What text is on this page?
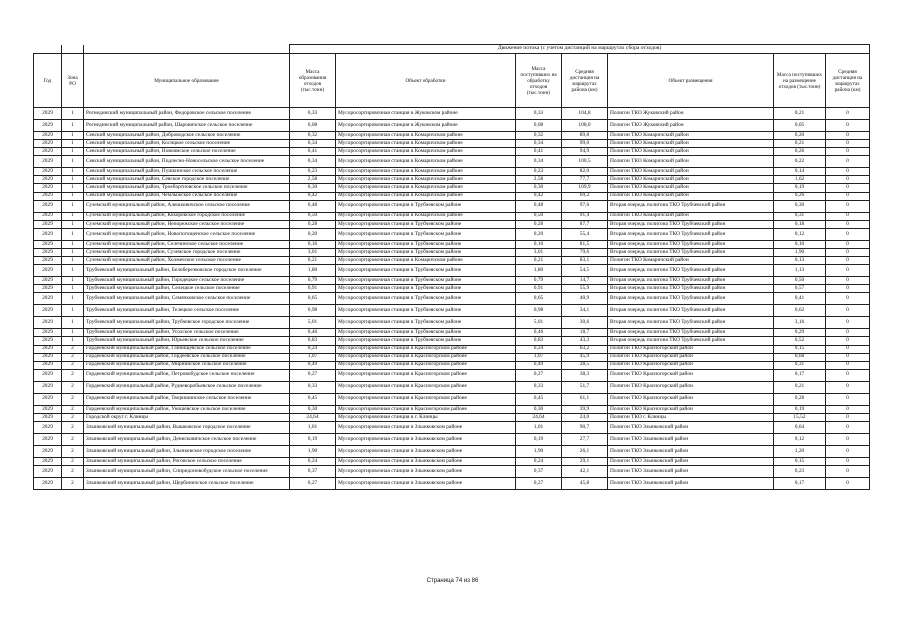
			Движение потока (с учетом дистанций на маршрутах сбора отходов)						
Год	Зона РО	Муниципальное образование	Масса образования отходов (тыс.тонн)	Объект обработки	Масса поступивших на обработку отходов (тыс.тонн)	Средняя дистанция на маршрутах района (км)	Объект размещения	Масса поступивших на размещение отходов (тыс.тонн)	Средняя дистанция на маршрутах района (км)
2029	1	Рогнединский муниципальный район, Федоровское сельское поселение	0,33	Мусоросортировочная станция в Жуковском районе	0,33	104,8	Полигон ТКО Жуковский район	0,21	0
2029	1	Рогнединский муниципальный район, Шаровичское сельское поселение	0,08	Мусоросортировочная станция в Жуковском районе	0,08	108,0	Полигон ТКО Жуковский район	0,05	0
2029	1	Севский муниципальный район, Доброводское сельское поселение	0,32	Мусоросортировочная станция в Комаричском районе	0,32	89,8	Полигон ТКО Комаричский район	0,20	0
2029	1	Севский муниципальный район, Косицкое сельское поселение	0,34	Мусоросортировочная станция в Комаричском районе	0,34	99,0	Полигон ТКО Комаричский район	0,21	0
2029	1	Севский муниципальный район, Новоямское сельское поселение	0,41	Мусоросортировочная станция в Комаричском районе	0,41	94,9	Полигон ТКО Комаричский район	0,26	0
2029	1	Севский муниципальный район, Подлесно-Новосельское сельское поселение	0,34	Мусоросортировочная станция в Комаричском районе	0,34	100,5	Полигон ТКО Комаричский район	0,22	0
2029	1	Севский муниципальный район, Пушкинское сельское поселение	0,23	Мусоросортировочная станция в Комаричском районе	0,23	82,0	Полигон ТКО Комаричский район	0,14	0
2029	1	Севский муниципальный район, Севское городское поселение	2,58	Мусоросортировочная станция в Комаричском районе	2,58	77,7	Полигон ТКО Комаричский район	1,62	0
2029	1	Севский муниципальный район, Троебортновское сельское поселение	0,30	Мусоросортировочная станция в Комаричском районе	0,30	109,9	Полигон ТКО Комаричский район	0,19	0
2029	1	Севский муниципальный район, Чемлыжское сельское поселение	0,42	Мусоросортировочная станция в Комаричском районе	0,42	69,2	Полигон ТКО Комаричский район	0,26	0
2029	1	Суземский муниципальный район, Алешковичское сельское поселение	0,48	Мусоросортировочная станция в Трубчевском районе	0,48	97,6	Вторая очередь полигона ТКО Трубчевский район	0,30	0
2029	1	Суземский муниципальный район, Кокоревское городское поселение	0,50	Мусоросортировочная станция в Комаричском районе	0,50	91,4	Полигон ТКО Комаричский район	0,31	0
2029	1	Суземский муниципальный район, Непорежское сельское поселение	0,28	Мусоросортировочная станция в Трубчевском районе	0,28	87,7	Вторая очередь полигона ТКО Трубчевский район	0,18	0
2029	1	Суземский муниципальный район, Новопогощенское сельское поселение	0,20	Мусоросортировочная станция в Трубчевском районе	0,20	55,4	Вторая очередь полигона ТКО Трубчевский район	0,12	0
2029	1	Суземский муниципальный район, Селечинское сельское поселение	0,16	Мусоросортировочная станция в Трубчевском районе	0,16	81,5	Вторая очередь полигона ТКО Трубчевский район	0,10	0
2029	1	Суземский муниципальный район, Суземское городское поселение	3,01	Мусоросортировочная станция в Трубчевском районе	3,01	79,6	Вторая очередь полигона ТКО Трубчевский район	1,90	0
2029	1	Суземский муниципальный район, Холмечское сельское поселение	0,21	Мусоросортировочная станция в Комаричском районе	0,21	83,1	Полигон ТКО Комаричский район	0,13	0
2029	1	Трубчевский муниципальный район, Белоберезковское городское поселение	1,80	Мусоросортировочная станция в Трубчевском районе	1,80	54,5	Вторая очередь полигона ТКО Трубчевский район	1,13	0
2029	1	Трубчевский муниципальный район, Городецкое сельское поселение	0,79	Мусоросортировочная станция в Трубчевском районе	0,79	14,7	Вторая очередь полигона ТКО Трубчевский район	0,50	0
2029	1	Трубчевский муниципальный район, Селецкое сельское поселение	0,91	Мусоросортировочная станция в Трубчевском районе	0,91	55,9	Вторая очередь полигона ТКО Трубчевский район	0,57	0
2029	1	Трубчевский муниципальный район, Семячковское сельское поселение	0,65	Мусоросортировочная станция в Трубчевском районе	0,65	40,9	Вторая очередь полигона ТКО Трубчевский район	0,41	0
2029	1	Трубчевский муниципальный район, Телецкое сельское поселение	0,98	Мусоросортировочная станция в Трубчевском районе	0,98	34,1	Вторая очередь полигона ТКО Трубчевский район	0,62	0
2029	1	Трубчевский муниципальный район, Трубчевское городское поселение	5,01	Мусоросортировочная станция в Трубчевском районе	5,01	30,6	Вторая очередь полигона ТКО Трубчевский район	3,16	0
2029	1	Трубчевский муниципальный район, Усохское сельское поселение	0,46	Мусоросортировочная станция в Трубчевском районе	0,46	18,7	Вторая очередь полигона ТКО Трубчевский район	0,29	0
2029	1	Трубчевский муниципальный район, Юрьевское сельское поселение	0,83	Мусоросортировочная станция в Трубчевском районе	0,83	43,3	Вторая очередь полигона ТКО Трубчевский район	0,52	0
2029	2	Гордеевский муниципальный район, Глинищевское сельское поселение	0,24	Мусоросортировочная станция в Красногорском районе	0,24	63,2	Полигон ТКО Красногорский район	0,15	0
2029	2	Гордеевский муниципальный район, Гордеевское сельское поселение	1,07	Мусоросортировочная станция в Красногорском районе	1,07	45,9	Полигон ТКО Красногорский район	0,68	0
2029	2	Гордеевский муниципальный район, Мирнинское сельское поселение	0,49	Мусоросортировочная станция в Красногорском районе	0,49	28,5	Полигон ТКО Красногорский район	0,31	0
2029	2	Гордеевский муниципальный район, Петровобудское сельское поселение	0,27	Мусоросортировочная станция в Красногорском районе	0,27	38,3	Полигон ТКО Красногорский район	0,17	0
2029	2	Гордеевский муниципальный район, Рудневоробьевское сельское поселение	0,33	Мусоросортировочная станция в Красногорском районе	0,33	51,7	Полигон ТКО Красногорский район	0,21	0
2029	2	Гордеевский муниципальный район, Творишинское сельское поселение	0,45	Мусоросортировочная станция в Красногорском районе	0,45	61,1	Полигон ТКО Красногорский район	0,28	0
2029	2	Гордеевский муниципальный район, Уношевское сельское поселение	0,30	Мусоросортировочная станция в Красногорском районе	0,30	39,9	Полигон ТКО Красногорский район	0,19	0
2029	2	Городской округ г. Клинцы	24,64	Мусоросортировочная станция в г. Клинцы	24,64	24,0	Полигон ТКО г. Клинцы	15,52	0
2029	2	Злынковский муниципальный район, Вышковское городское поселение	1,01	Мусоросортировочная станция в Злынковском районе	1,01	90,7	Полигон ТКО Злынковский район	0,64	0
2029	2	Злынковский муниципальный район, Денисковичское сельское поселение	0,19	Мусоросортировочная станция в Злынковском районе	0,19	27,7	Полигон ТКО Злынковский район	0,12	0
2029	2	Злынковский муниципальный район, Злынковское городское поселение	1,90	Мусоросортировочная станция в Злынковском районе	1,90	26,1	Полигон ТКО Злынковский район	1,20	0
2029	2	Злынковский муниципальный район, Роговское сельское поселение	0,24	Мусоросортировочная станция в Злынковском районе	0,24	29,1	Полигон ТКО Злынковский район	0,15	0
2029	2	Злынковский муниципальный район, Спиридоновобудское сельское поселение	0,37	Мусоросортировочная станция в Злынковском районе	0,37	42,1	Полигон ТКО Злынковский район	0,23	0
2029	2	Злынковский муниципальный район, Щербиничское сельское поселение	0,27	Мусоросортировочная станция в Злынковском районе	0,27	45,8	Полигон ТКО Злынковский район	0,17	0
Страница 74 из 86
